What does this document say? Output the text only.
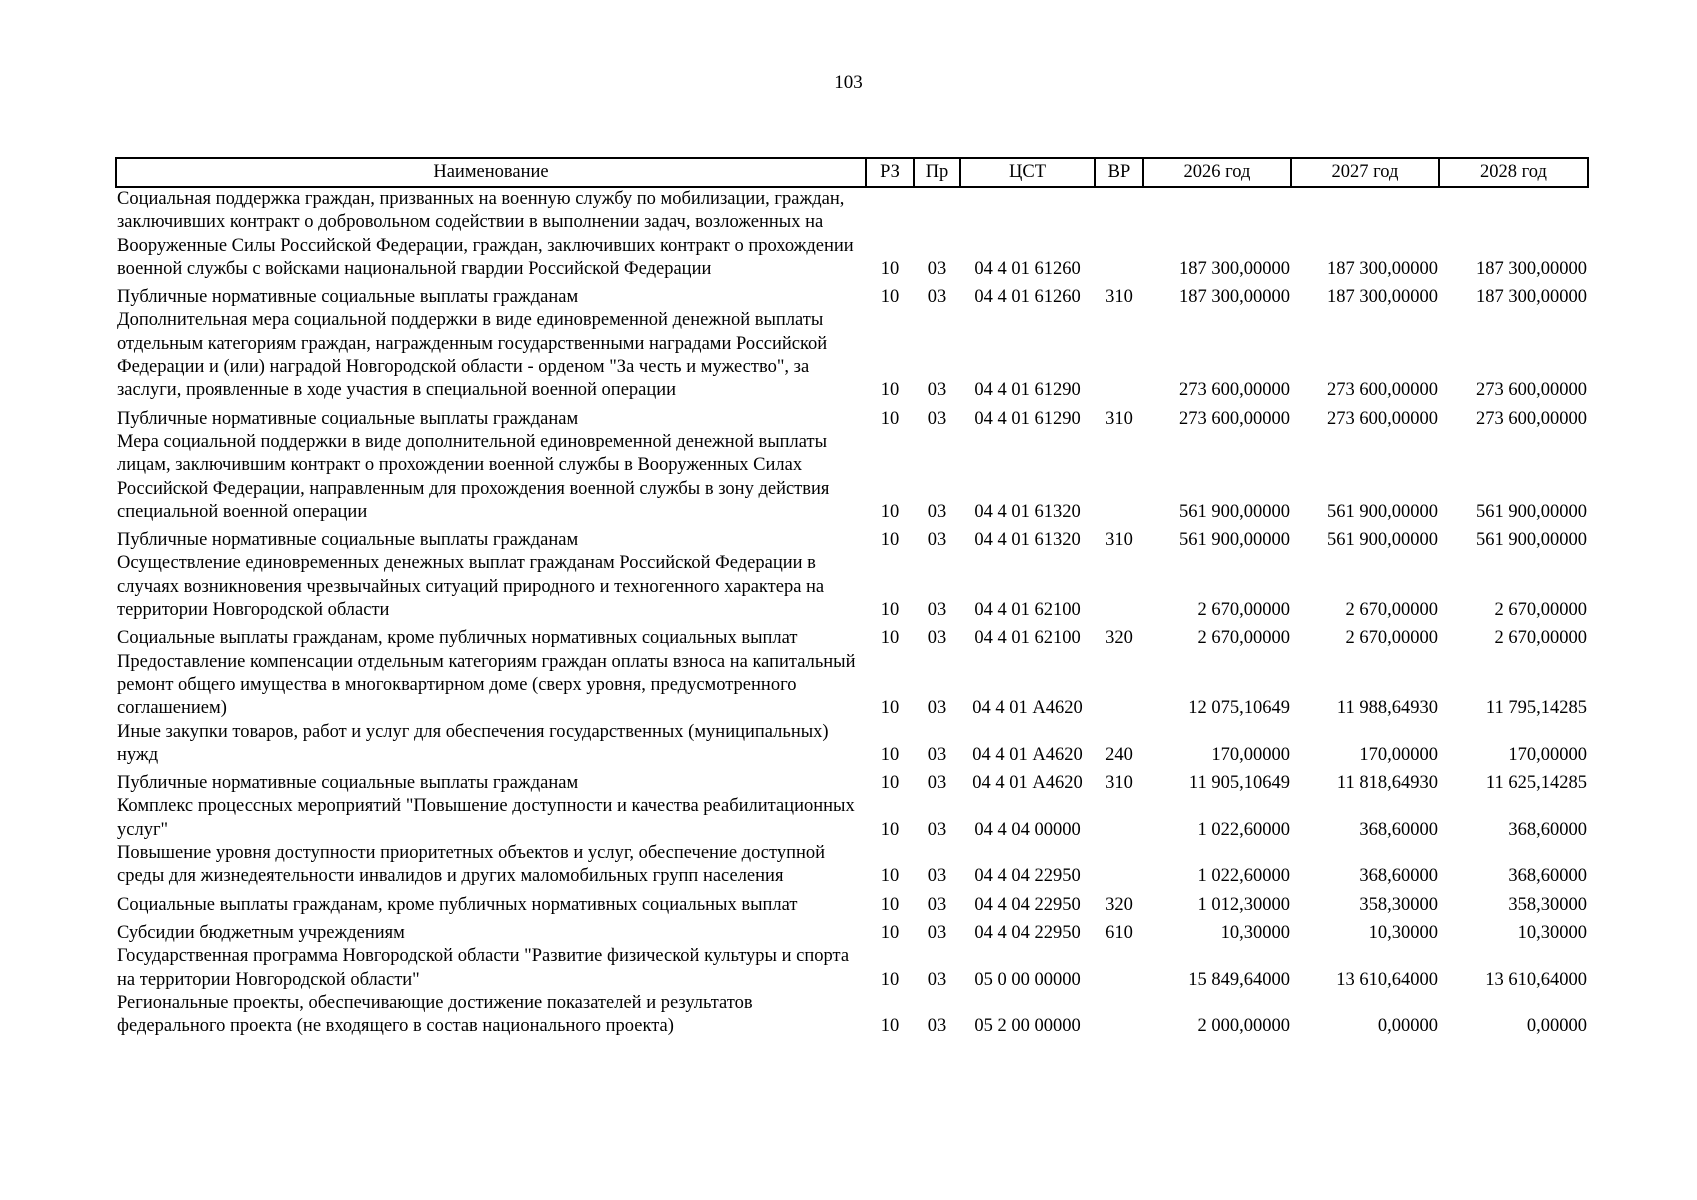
103
Наименование	РЗ	Пр	ЦСТ	ВР	2026 год	2027 год	2028 год
Социальная поддержка граждан, призванных на военную службу по мобилизации, граждан, заключивших контракт о добровольном содействии в выполнении задач, возложенных на Вооруженные Силы Российской Федерации, граждан, заключивших контракт о прохождении военной службы с войсками национальной гвардии Российской Федерации	10	03	04 4 01 61260		187 300,00000	187 300,00000	187 300,00000
Публичные нормативные социальные выплаты гражданам	10	03	04 4 01 61260	310	187 300,00000	187 300,00000	187 300,00000
Дополнительная мера социальной поддержки в виде единовременной денежной выплаты отдельным категориям граждан, награжденным государственными наградами Российской Федерации и (или) наградой Новгородской области - орденом "За честь и мужество", за заслуги, проявленные в ходе участия в специальной военной операции	10	03	04 4 01 61290		273 600,00000	273 600,00000	273 600,00000
Публичные нормативные социальные выплаты гражданам	10	03	04 4 01 61290	310	273 600,00000	273 600,00000	273 600,00000
Мера социальной поддержки в виде дополнительной единовременной денежной выплаты лицам, заключившим контракт о прохождении военной службы в Вооруженных Силах Российской Федерации, направленным для прохождения военной службы в зону действия специальной военной операции	10	03	04 4 01 61320		561 900,00000	561 900,00000	561 900,00000
Публичные нормативные социальные выплаты гражданам	10	03	04 4 01 61320	310	561 900,00000	561 900,00000	561 900,00000
Осуществление единовременных денежных выплат гражданам Российской Федерации в случаях возникновения чрезвычайных ситуаций природного и техногенного характера на территории Новгородской области	10	03	04 4 01 62100		2 670,00000	2 670,00000	2 670,00000
Социальные выплаты гражданам, кроме публичных нормативных социальных выплат	10	03	04 4 01 62100	320	2 670,00000	2 670,00000	2 670,00000
Предоставление компенсации отдельным категориям граждан оплаты взноса на капитальный ремонт общего имущества в многоквартирном доме (сверх уровня, предусмотренного соглашением)	10	03	04 4 01 А4620		12 075,10649	11 988,64930	11 795,14285
Иные закупки товаров, работ и услуг для обеспечения государственных (муниципальных) нужд	10	03	04 4 01 А4620	240	170,00000	170,00000	170,00000
Публичные нормативные социальные выплаты гражданам	10	03	04 4 01 А4620	310	11 905,10649	11 818,64930	11 625,14285
Комплекс процессных мероприятий "Повышение доступности и качества реабилитационных услуг"	10	03	04 4 04 00000		1 022,60000	368,60000	368,60000
Повышение уровня доступности приоритетных объектов и услуг, обеспечение доступной среды для жизнедеятельности инвалидов и других маломобильных групп населения	10	03	04 4 04 22950		1 022,60000	368,60000	368,60000
Социальные выплаты гражданам, кроме публичных нормативных социальных выплат	10	03	04 4 04 22950	320	1 012,30000	358,30000	358,30000
Субсидии бюджетным учреждениям	10	03	04 4 04 22950	610	10,30000	10,30000	10,30000
Государственная программа Новгородской области "Развитие физической культуры и спорта на территории Новгородской области"	10	03	05 0 00 00000		15 849,64000	13 610,64000	13 610,64000
Региональные проекты, обеспечивающие достижение показателей и результатов федерального проекта (не входящего в состав национального проекта)	10	03	05 2 00 00000		2 000,00000	0,00000	0,00000
